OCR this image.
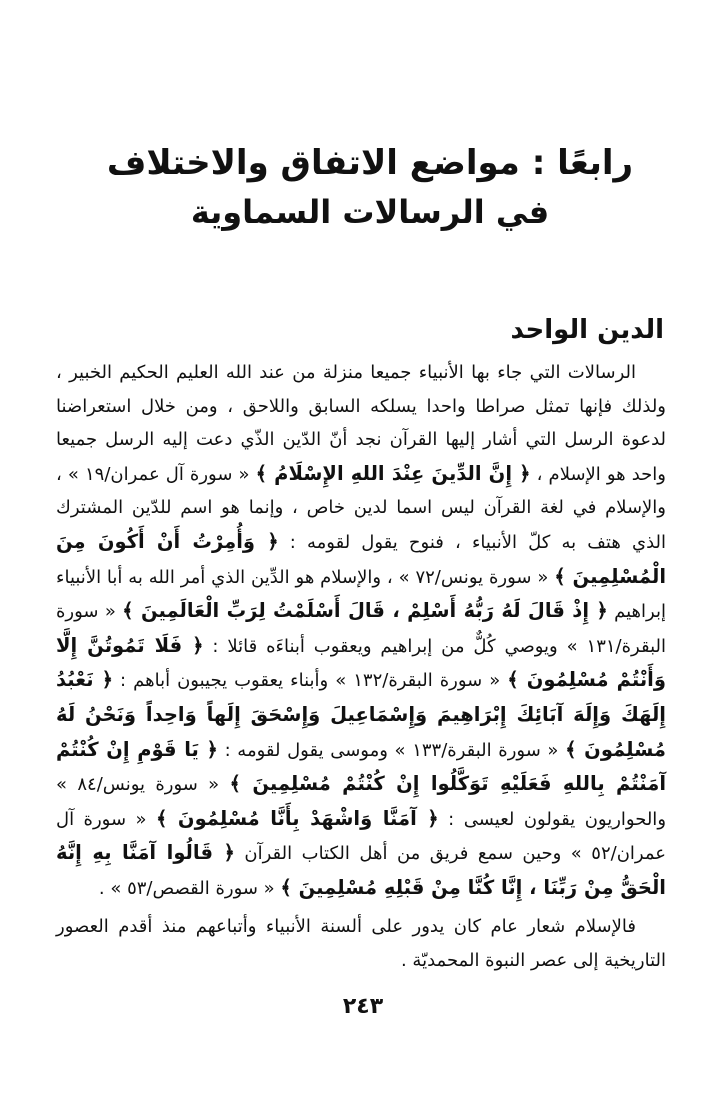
رابعًا : مواضع الاتفاق والاختلاف
في الرسالات السماوية
الدين الواحد

الرسالات التي جاء بها الأنبياء جميعا منزلة من عند الله العليم الحكيم الخبير ، ولذلك فإنها تمثل صراطا واحدا يسلكه السابق واللاحق ، ومن خلال استعراضنا لدعوة الرسل التي أشار إليها القرآن نجد أنّ الدّين الذّي دعت إليه الرسل جميعا واحد هو الإسلام ، ﴿ إِنَّ الدِّينَ عِنْدَ اللهِ الإِسْلَامُ ﴾ « سورة آل عمران/١٩ » ، والإسلام في لغة القرآن ليس اسما لدين خاص ، وإنما هو اسم للدّين المشترك الذي هتف به كلّ الأنبياء ، فنوح يقول لقومه : ﴿ وَأُمِرْتُ أَنْ أَكُونَ مِنَ الْمُسْلِمِينَ ﴾ « سورة يونس/٧٢ » ، والإسلام هو الدِّين الذي أمر الله به أبا الأنبياء إبراهيم ﴿ إِذْ قَالَ لَهُ رَبُّهُ أَسْلِمْ ، قَالَ أَسْلَمْتُ لِرَبِّ الْعَالَمِينَ ﴾ « سورة البقرة/١٣١ » ويوصي كُلٌّ من إبراهيم ويعقوب أبناءَه قائلا : ﴿ فَلَا تَمُوتُنَّ إِلَّا وَأَنْتُمْ مُسْلِمُونَ ﴾ « سورة البقرة/١٣٢ » وأبناء يعقوب يجيبون أباهم : ﴿ نَعْبُدُ إِلَهَكَ وَإِلَهَ آبَائِكَ إِبْرَاهِيمَ وَإِسْمَاعِيلَ وَإِسْحَقَ إِلَهاً وَاحِداً وَنَحْنُ لَهُ مُسْلِمُونَ ﴾ « سورة البقرة/١٣٣ » وموسى يقول لقومه : ﴿ يَا قَوْمِ إِنْ كُنْتُمْ آمَنْتُمْ بِاللهِ فَعَلَيْهِ تَوَكَّلُوا إِنْ كُنْتُمْ مُسْلِمِينَ ﴾ « سورة يونس/٨٤ » والحواريون يقولون لعيسى : ﴿ آمَنَّا وَاشْهَدْ بِأَنَّا مُسْلِمُونَ ﴾ « سورة آل عمران/٥٢ » وحين سمع فريق من أهل الكتاب القرآن ﴿ قَالُوا آمَنَّا بِهِ إِنَّهُ الْحَقُّ مِنْ رَبِّنَا ، إِنَّا كُنَّا مِنْ قَبْلِهِ مُسْلِمِينَ ﴾ « سورة القصص/٥٣ » .

فالإسلام شعار عام كان يدور على ألسنة الأنبياء وأتباعهم منذ أقدم العصور التاريخية إلى عصر النبوة المحمديّة .

٢٤٣
